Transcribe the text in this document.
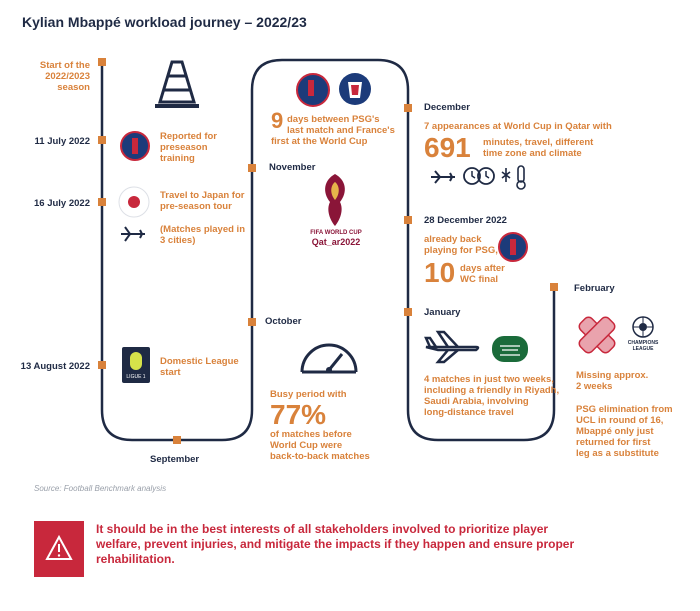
Kylian Mbappé workload journey – 2022/23
Start of the
2022/2023
season
11 July 2022	Reported for
preseason
training
16 July 2022
Travel to Japan for
pre-season tour
(Matches played in
3 cities)
13 August 2022
LIGUE 1
Domestic League
start
September
October
Busy period with
77%
of matches before
World Cup were
back-to-back matches
9 days between PSG's
last match and France's
first at the World Cup
November
FIFA WORLD CUP
Qat_ar2022
December
7 appearances at World Cup in Qatar with
691 minutes, travel, different
time zone and climate
28 December 2022
already back
playing for PSG,
10 days after
WC final
January
4 matches in just two weeks,
including a friendly in Riyadh,
Saudi Arabia, involving
long-distance travel
February
CHAMPIONS
LEAGUE
Missing approx.
2 weeks
PSG elimination from
UCL in round of 16,
Mbappé only just
returned for first
leg as a substitute
Source: Football Benchmark analysis
It should be in the best interests of all stakeholders involved to prioritize player welfare, prevent injuries, and mitigate the impacts if they happen and ensure proper rehabilitation.
